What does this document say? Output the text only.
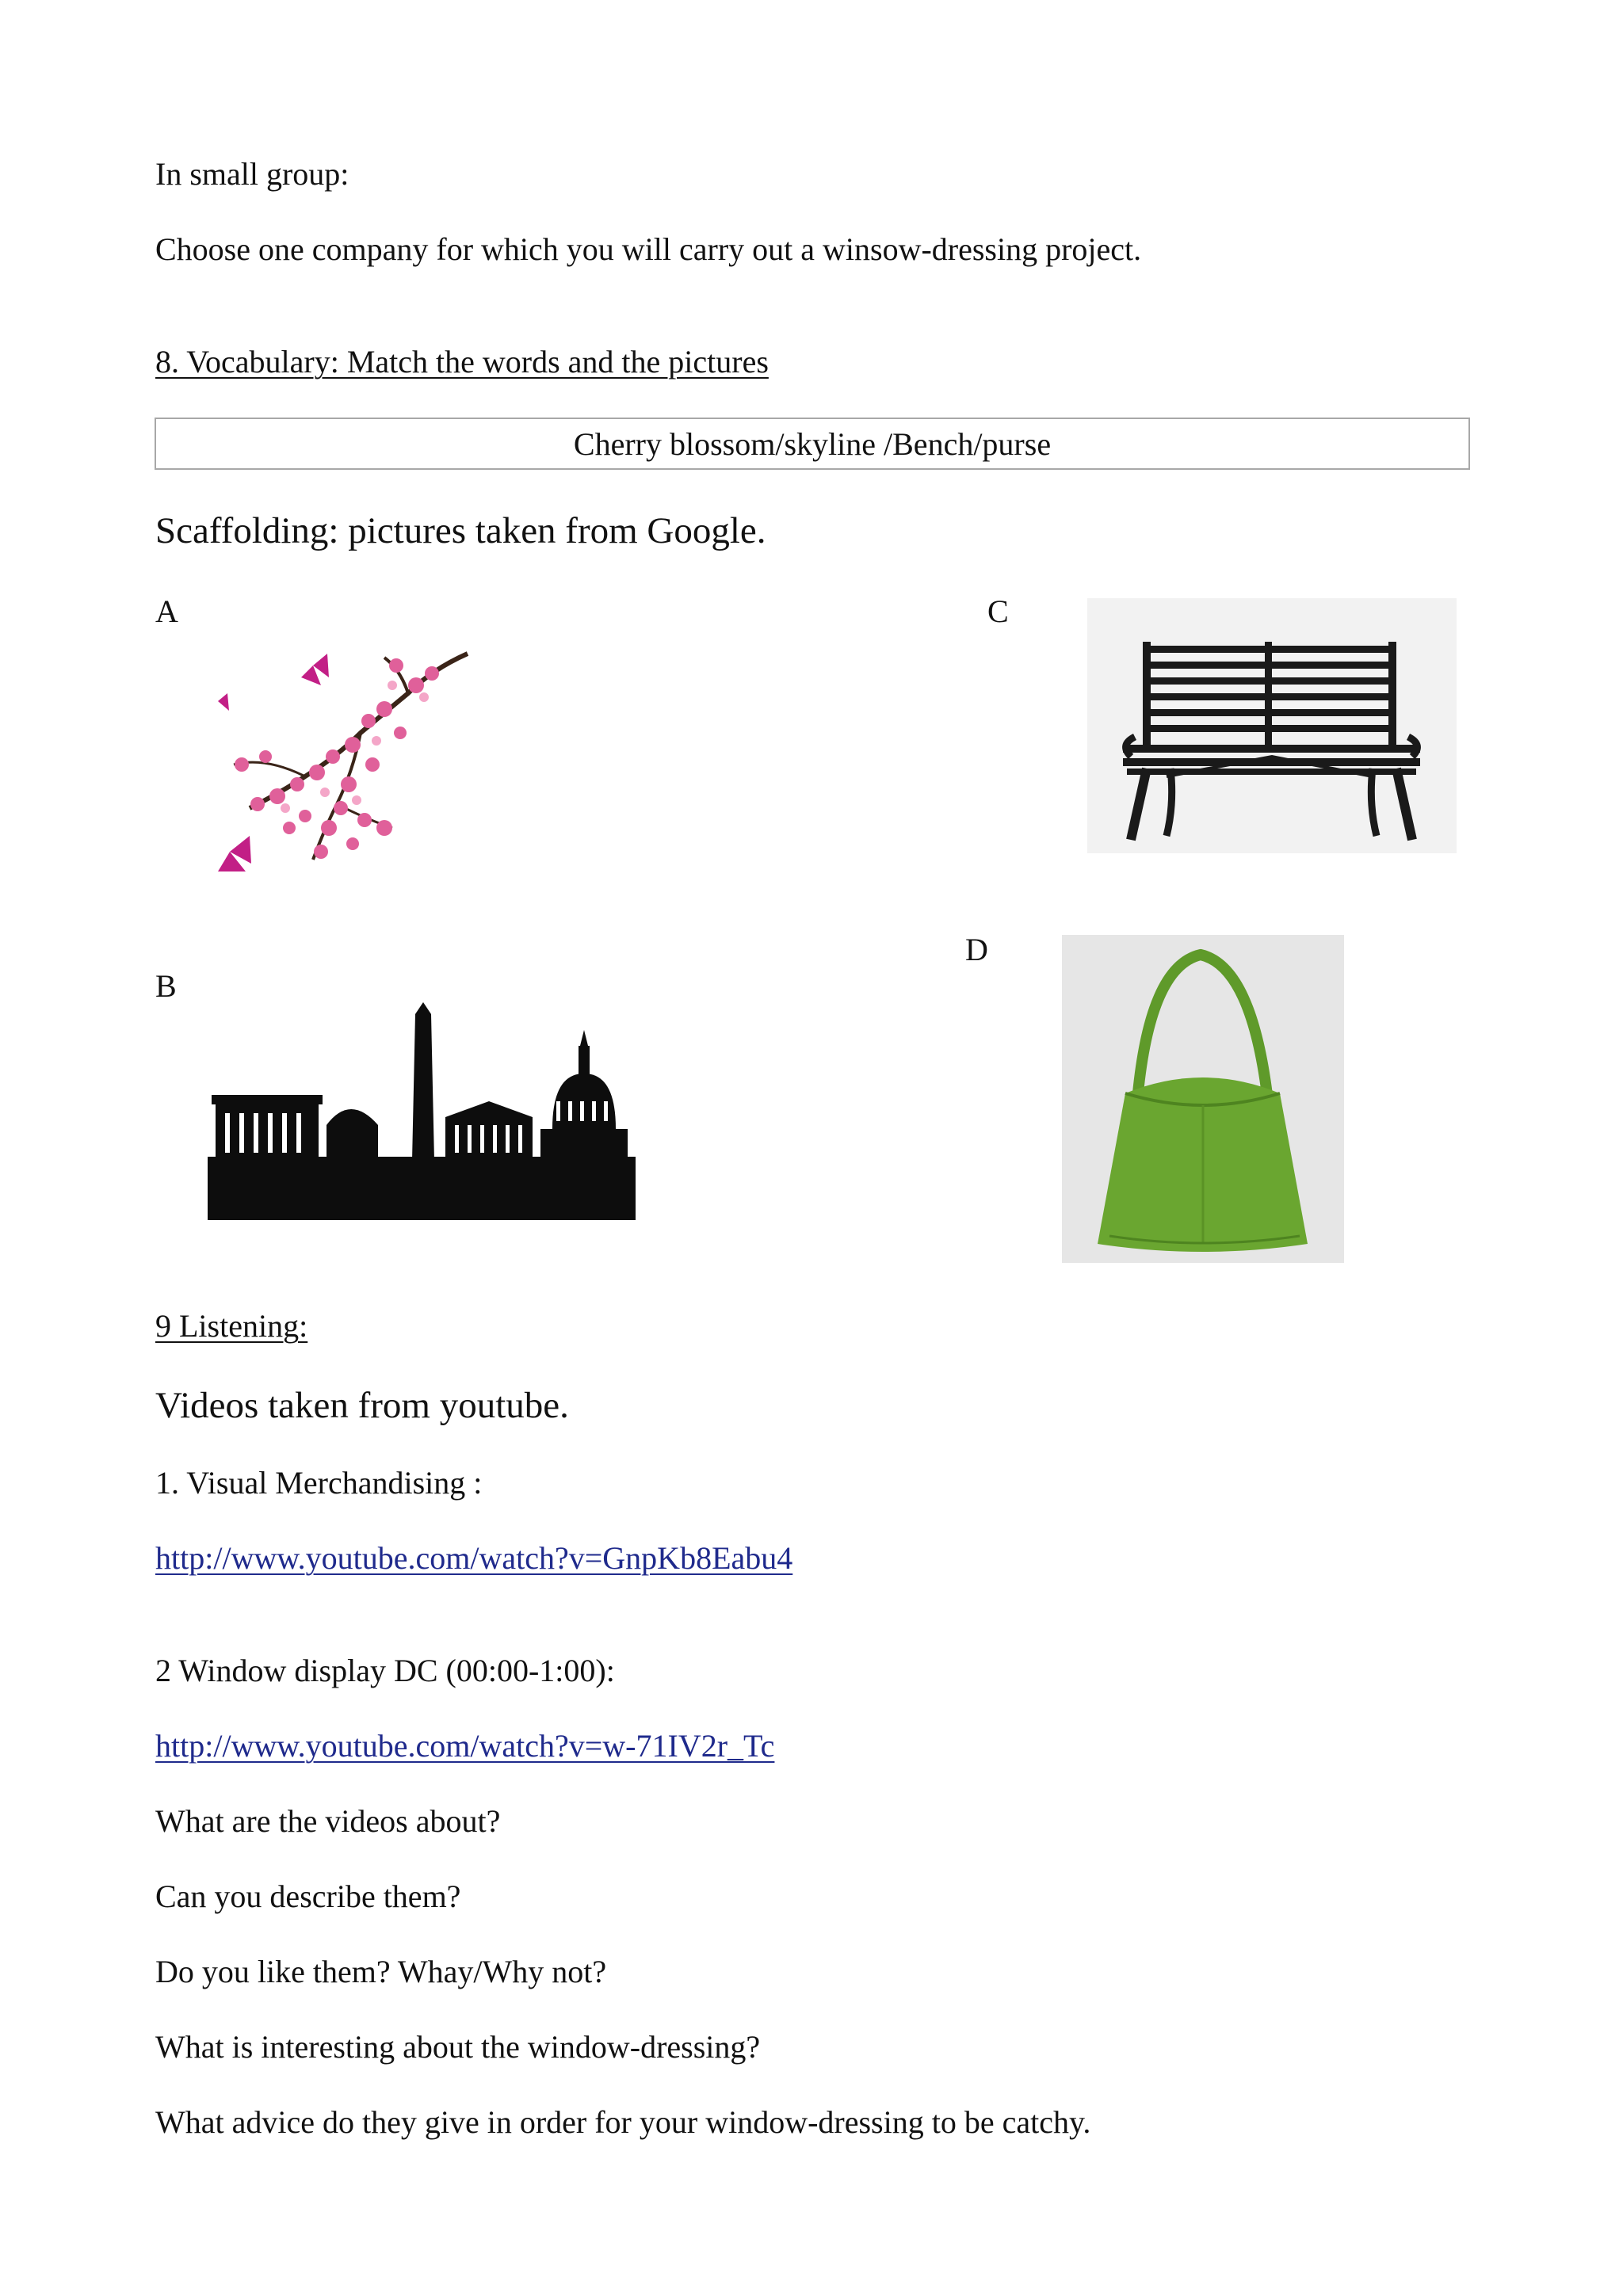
In small group:
Choose one company for which you will carry out a winsow-dressing project.
8. Vocabulary: Match the words and the pictures
Cherry blossom/skyline /Bench/purse
Scaffolding: pictures taken from Google.
A
B
C
D
9 Listening:
Videos taken from youtube.
1. Visual Merchandising :
http://www.youtube.com/watch?v=GnpKb8Eabu4
2 Window display DC (00:00-1:00):
http://www.youtube.com/watch?v=w-71IV2r_Tc
What are the videos about?
Can you describe them?
Do you like them? Whay/Why not?
What is interesting about the window-dressing?
What advice do they give in order for your window-dressing to be catchy.
